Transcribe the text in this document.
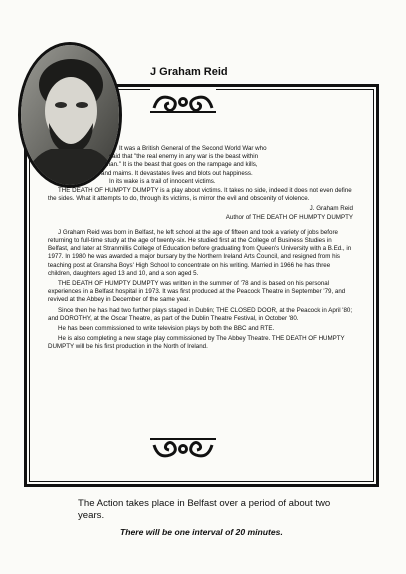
J Graham Reid

It was a British General of the Second World War who

said that "the real enemy in any war is the beast within

man." It is the beast that goes on the rampage and kills,

and maims. It devastates lives and blots out happiness.

In its wake is a trail of innocent victims.

THE DEATH OF HUMPTY DUMPTY is a play about victims. It takes no side, indeed it does not even define the sides. What it attempts to do, through its victims, is mirror the evil and obscenity of violence.

J. Graham Reid

Author of THE DEATH OF HUMPTY DUMPTY

J Graham Reid was born in Belfast, he left school at the age of fifteen and took a variety of jobs before returning to full-time study at the age of twenty-six. He studied first at the College of Business Studies in Belfast, and later at Stranmillis College of Education before graduating from Queen's University with a B.Ed., in 1977. In 1980 he was awarded a major bursary by the Northern Ireland Arts Council, and resigned from his teaching post at Gransha Boys' High School to concentrate on his writing. Married in 1966 he has three children, daughters aged 13 and 10, and a son aged 5.

THE DEATH OF HUMPTY DUMPTY was written in the summer of '78 and is based on his personal experiences in a Belfast hospital in 1973. It was first produced at the Peacock Theatre in September '79, and revived at the Abbey in December of the same year.

Since then he has had two further plays staged in Dublin; THE CLOSED DOOR, at the Peacock in April '80; and DOROTHY, at the Oscar Theatre, as part of the Dublin Theatre Festival, in October '80.

He has been commissioned to write television plays by both the BBC and RTE.

He is also completing a new stage play commissioned by The Abbey Theatre. THE DEATH OF HUMPTY DUMPTY will be his first production in the North of Ireland.

The Action takes place in Belfast over a period of about two years.
There will be one interval of 20 minutes.
